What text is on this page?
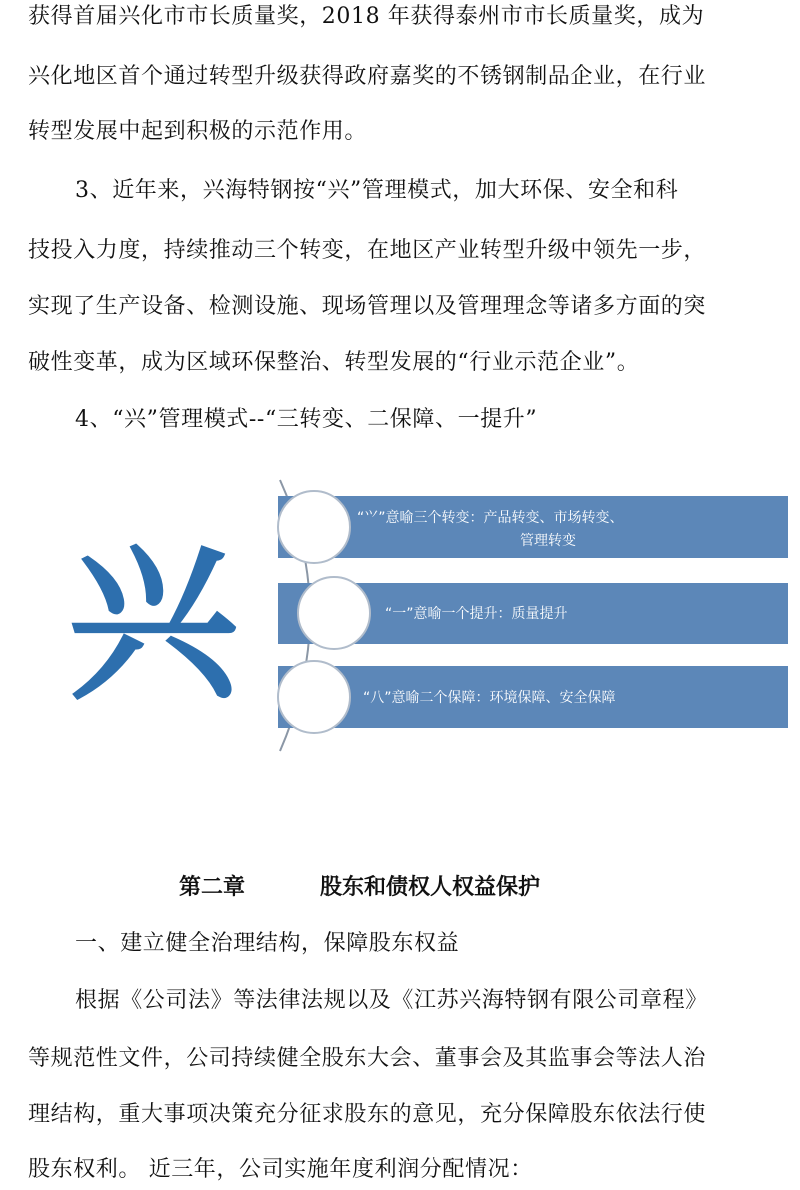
获得首届兴化市市长质量奖，2018 年获得泰州市市长质量奖，成为
兴化地区首个通过转型升级获得政府嘉奖的不锈钢制品企业，在行业
转型发展中起到积极的示范作用。
3、近年来，兴海特钢按“兴”管理模式，加大环保、安全和科
技投入力度，持续推动三个转变，在地区产业转型升级中领先一步，
实现了生产设备、检测设施、现场管理以及管理理念等诸多方面的突
破性变革，成为区域环保整治、转型发展的“行业示范企业”。
4、“兴”管理模式--“三转变、二保障、一提升”
兴
“⺍”意喻三个转变：产品转变、市场转变、
管理转变
“一”意喻一个提升：质量提升
“八”意喻二个保障：环境保障、安全保障
第二章	股东和债权人权益保护
一、建立健全治理结构，保障股东权益
根据《公司法》等法律法规以及《江苏兴海特钢有限公司章程》
等规范性文件，公司持续健全股东大会、董事会及其监事会等法人治
理结构，重大事项决策充分征求股东的意见，充分保障股东依法行使
股东权利。 近三年，公司实施年度利润分配情况：
